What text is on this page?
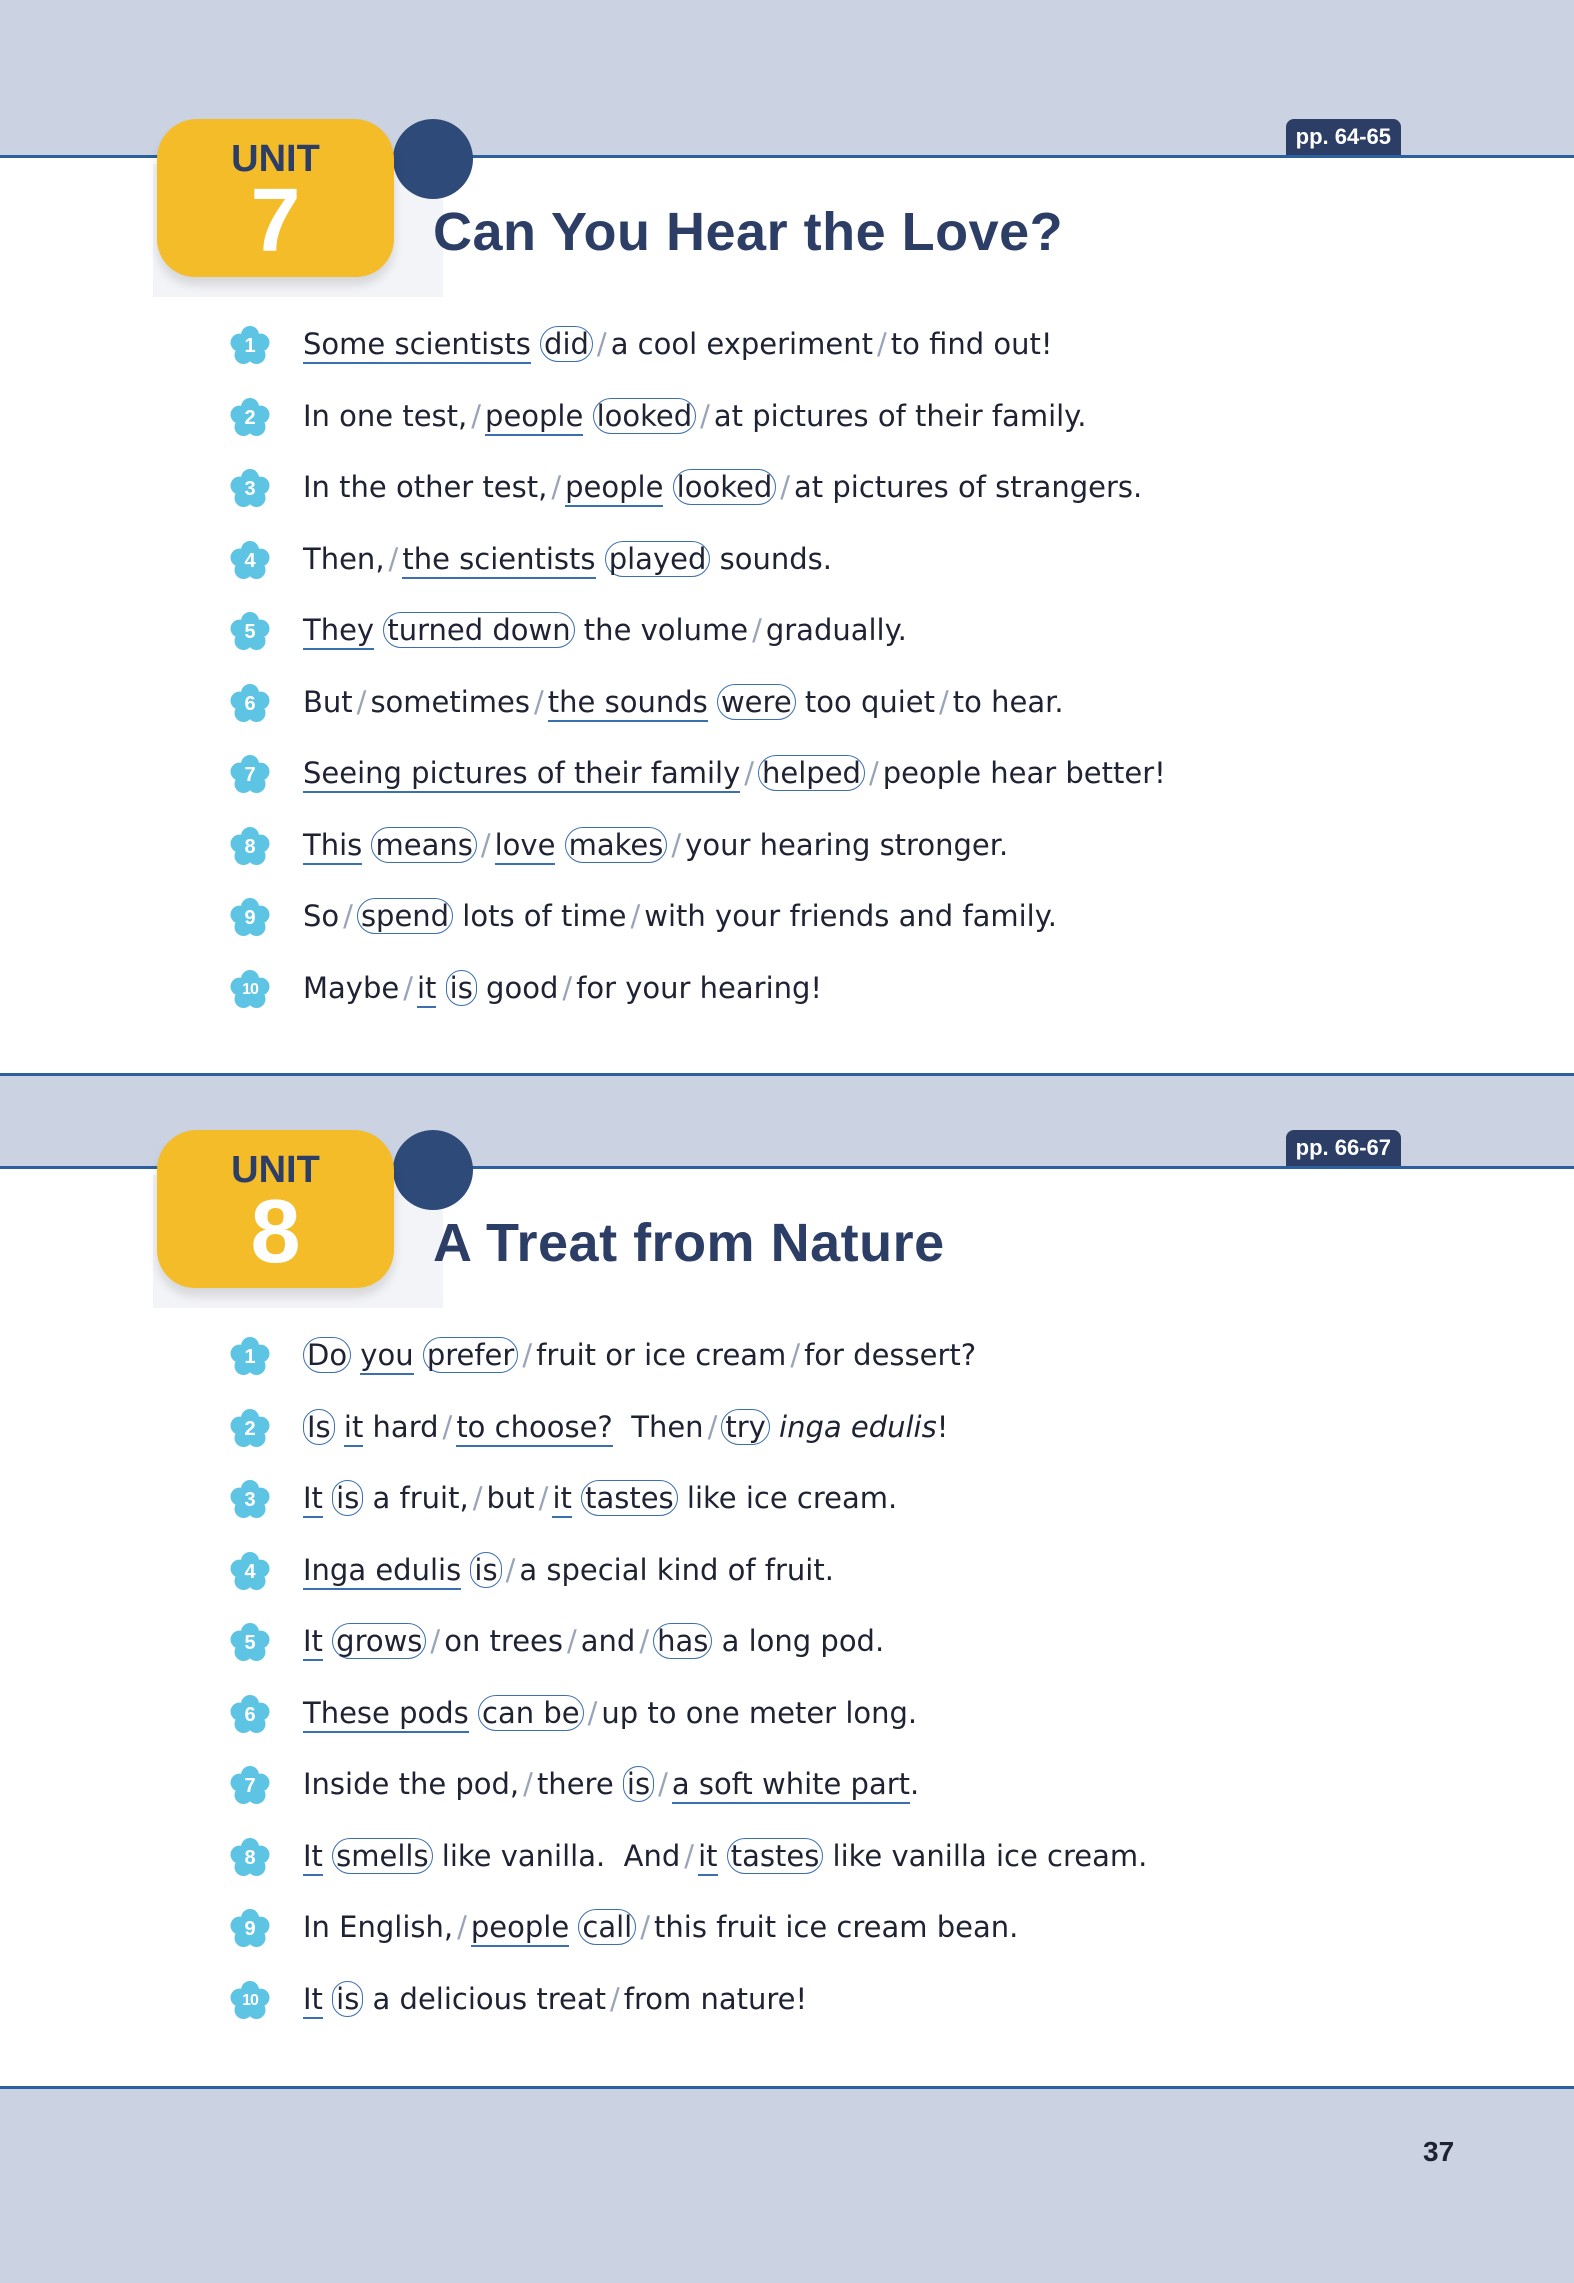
pp. 64-65
UNIT
7	Can You Hear the Love?
1	Some scientists did / a cool experiment / to find out!
2	In one test, / people looked / at pictures of their family.
3	In the other test, / people looked / at pictures of strangers.
4	Then, / the scientists played sounds.
5	They turned down the volume / gradually.
6	But / sometimes / the sounds were too quiet / to hear.
7	Seeing pictures of their family / helped / people hear better!
8	This means / love makes / your hearing stronger.
9	So / spend lots of time / with your friends and family.
10	Maybe / it is good / for your hearing!
pp. 66-67
UNIT
8	A Treat from Nature
1	Do you prefer / fruit or ice cream / for dessert?
2	Is it hard / to choose?  Then / try inga edulis!
3	It is a fruit, / but / it tastes like ice cream.
4	Inga edulis is / a special kind of fruit.
5	It grows / on trees / and / has a long pod.
6	These pods can be / up to one meter long.
7	Inside the pod, / there is / a soft white part.
8	It smells like vanilla.  And / it tastes like vanilla ice cream.
9	In English, / people call / this fruit ice cream bean.
10	It is a delicious treat / from nature!
37
